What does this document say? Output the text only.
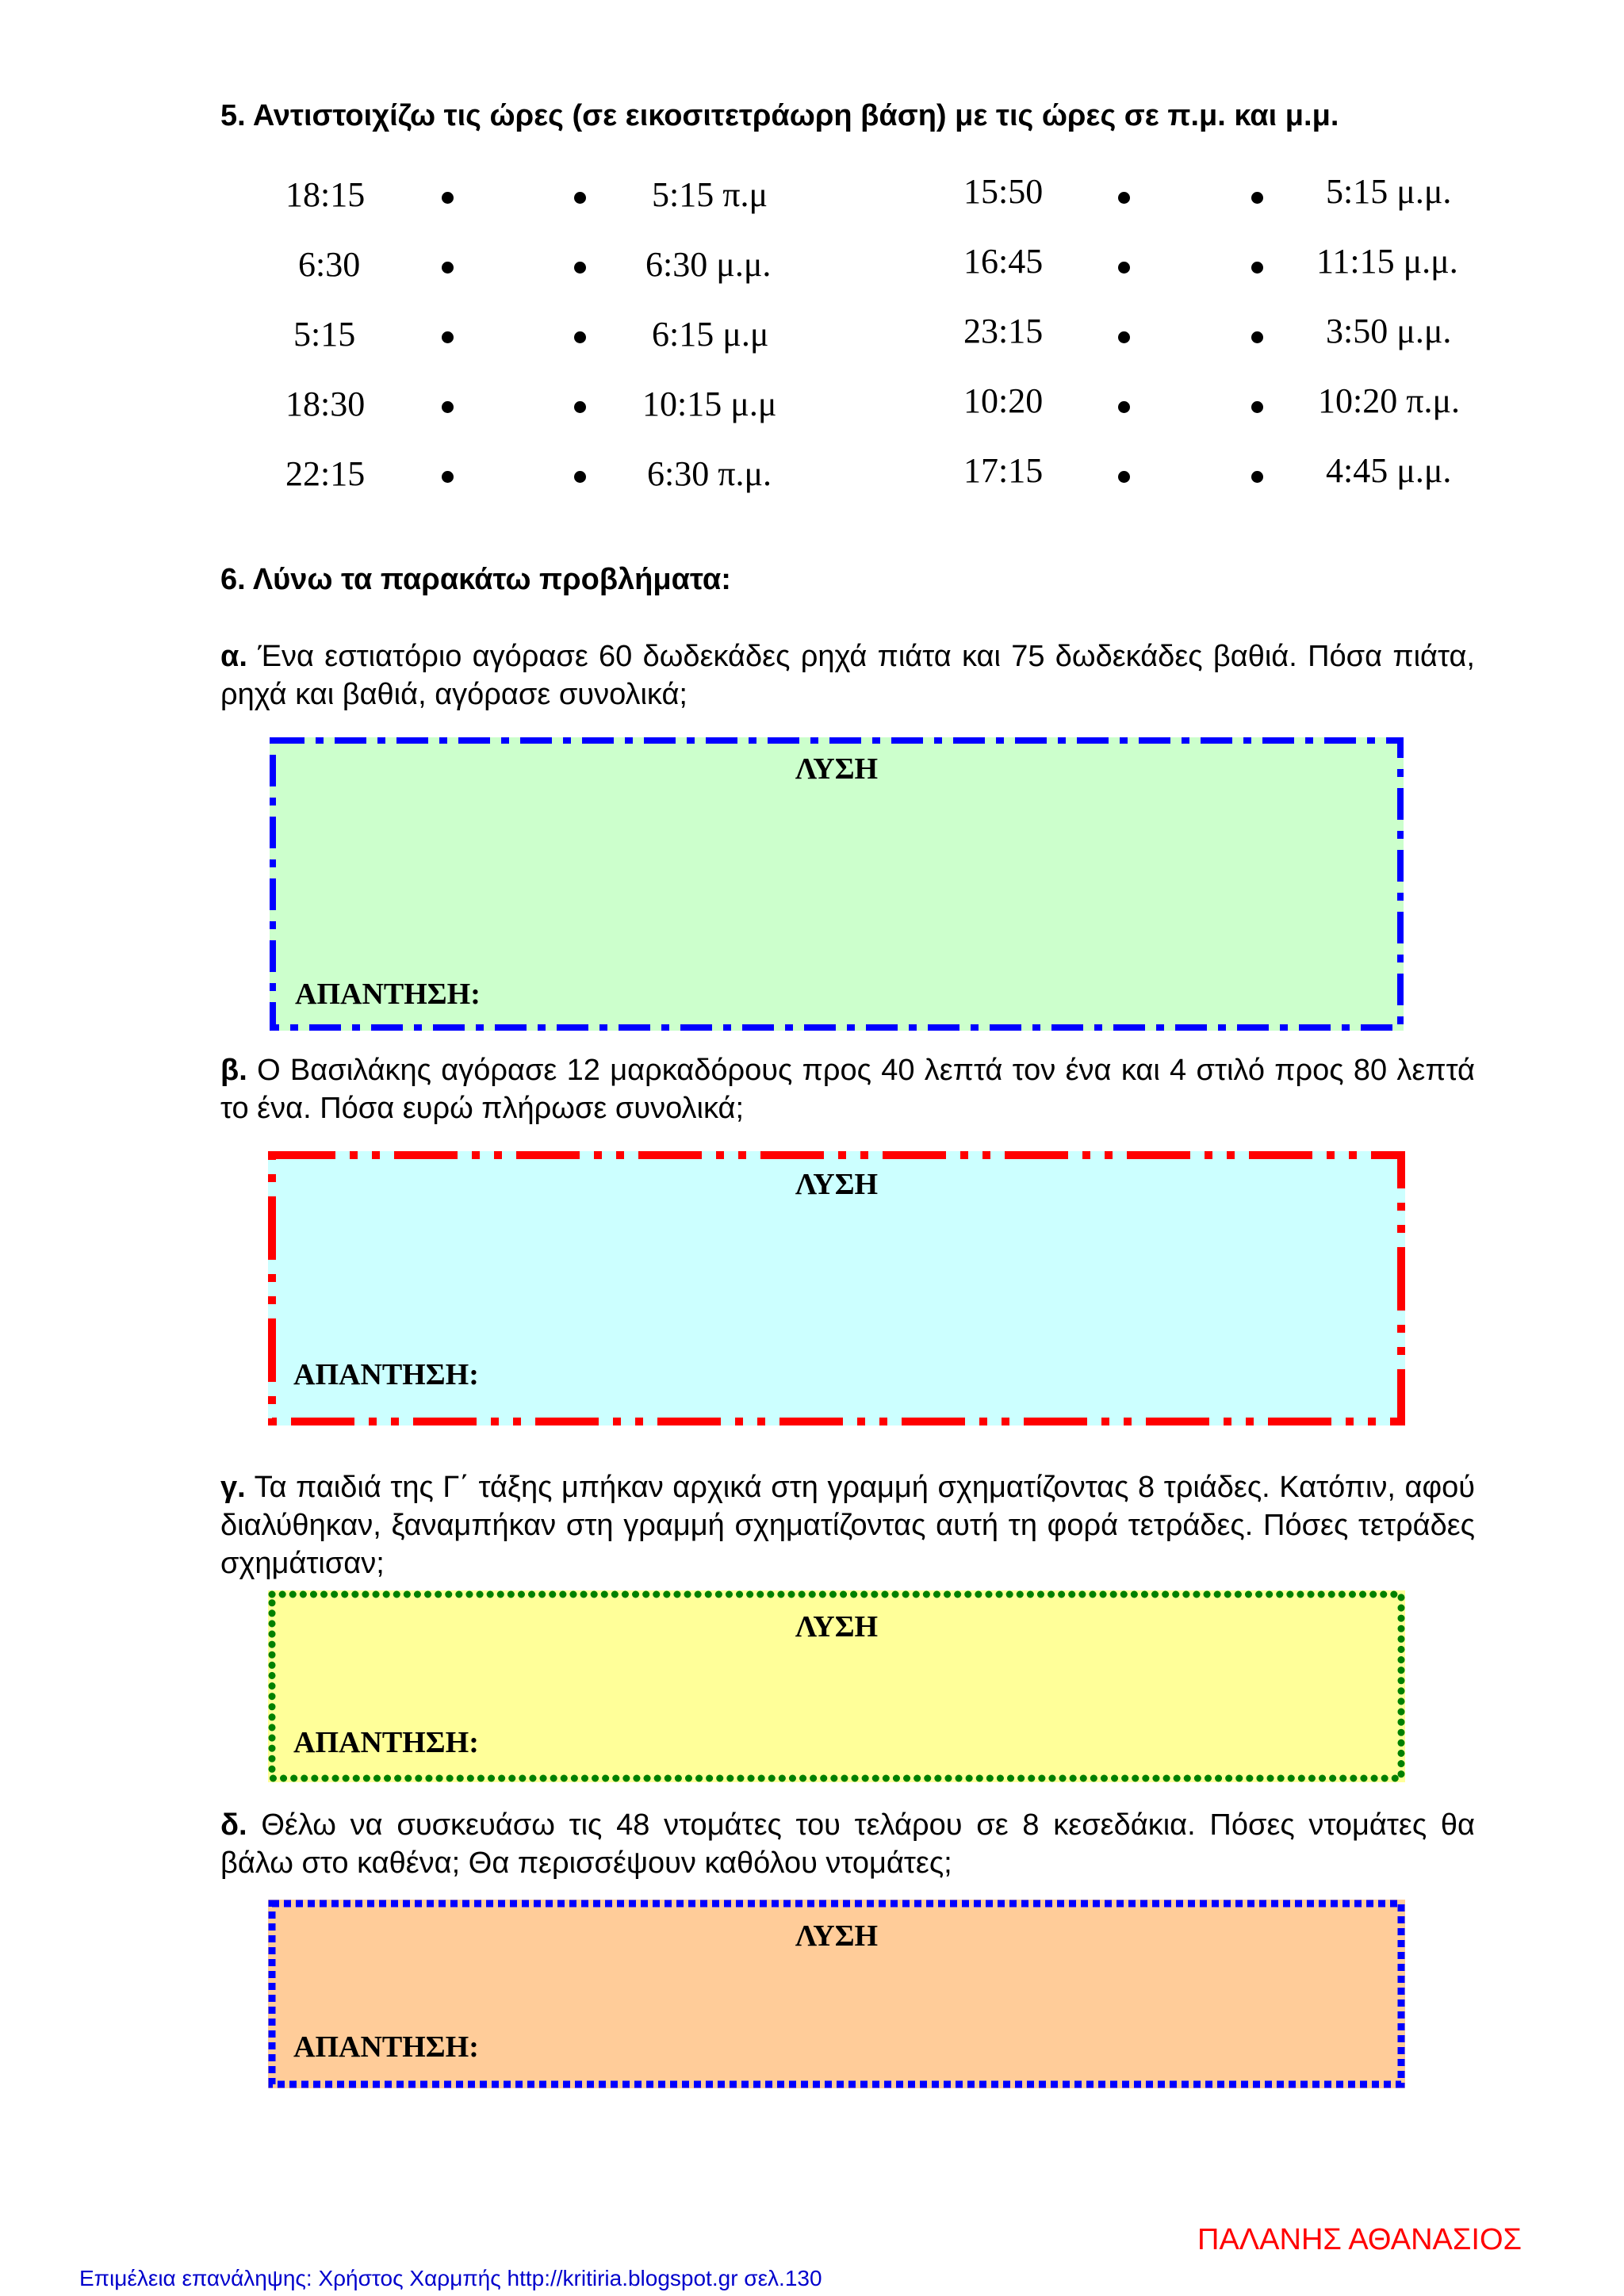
5. Αντιστοιχίζω τις ώρες (σε εικοσιτετράωρη βάση) με τις ώρες σε π.μ. και μ.μ.
18:15	5:15 π.μ
6:30	6:30 μ.μ.
5:15	6:15 μ.μ
18:30	10:15 μ.μ
22:15	6:30 π.μ.
15:50	5:15 μ.μ.
16:45	11:15 μ.μ.
23:15	3:50 μ.μ.
10:20	10:20 π.μ.
17:15	4:45 μ.μ.
6. Λύνω τα παρακάτω προβλήματα:
α. Ένα εστιατόριο αγόρασε 60 δωδεκάδες ρηχά πιάτα και 75 δωδεκάδες βαθιά. Πόσα πιάτα, ρηχά και βαθιά, αγόρασε συνολικά;
ΛΥΣΗ
ΑΠΑΝΤΗΣΗ:
β. Ο Βασιλάκης αγόρασε 12 μαρκαδόρους προς 40 λεπτά τον ένα και 4 στιλό προς 80 λεπτά το ένα. Πόσα ευρώ πλήρωσε συνολικά;
ΛΥΣΗ
ΑΠΑΝΤΗΣΗ:
γ. Τα παιδιά της Γ΄ τάξης μπήκαν αρχικά στη γραμμή σχηματίζοντας 8 τριάδες. Κατόπιν, αφού διαλύθηκαν, ξαναμπήκαν στη γραμμή σχηματίζοντας αυτή τη φορά τετράδες. Πόσες τετράδες σχημάτισαν;
ΛΥΣΗ
ΑΠΑΝΤΗΣΗ:
δ. Θέλω να συσκευάσω τις 48 ντομάτες του τελάρου σε 8 κεσεδάκια. Πόσες ντομάτες θα βάλω στο καθένα; Θα περισσέψουν καθόλου ντομάτες;
ΛΥΣΗ
ΑΠΑΝΤΗΣΗ:
ΠΑΛΑΝΗΣ ΑΘΑΝΑΣΙΟΣ
Επιμέλεια επανάληψης: Χρήστος Χαρμπής http://kritiria.blogspot.gr σελ.130
